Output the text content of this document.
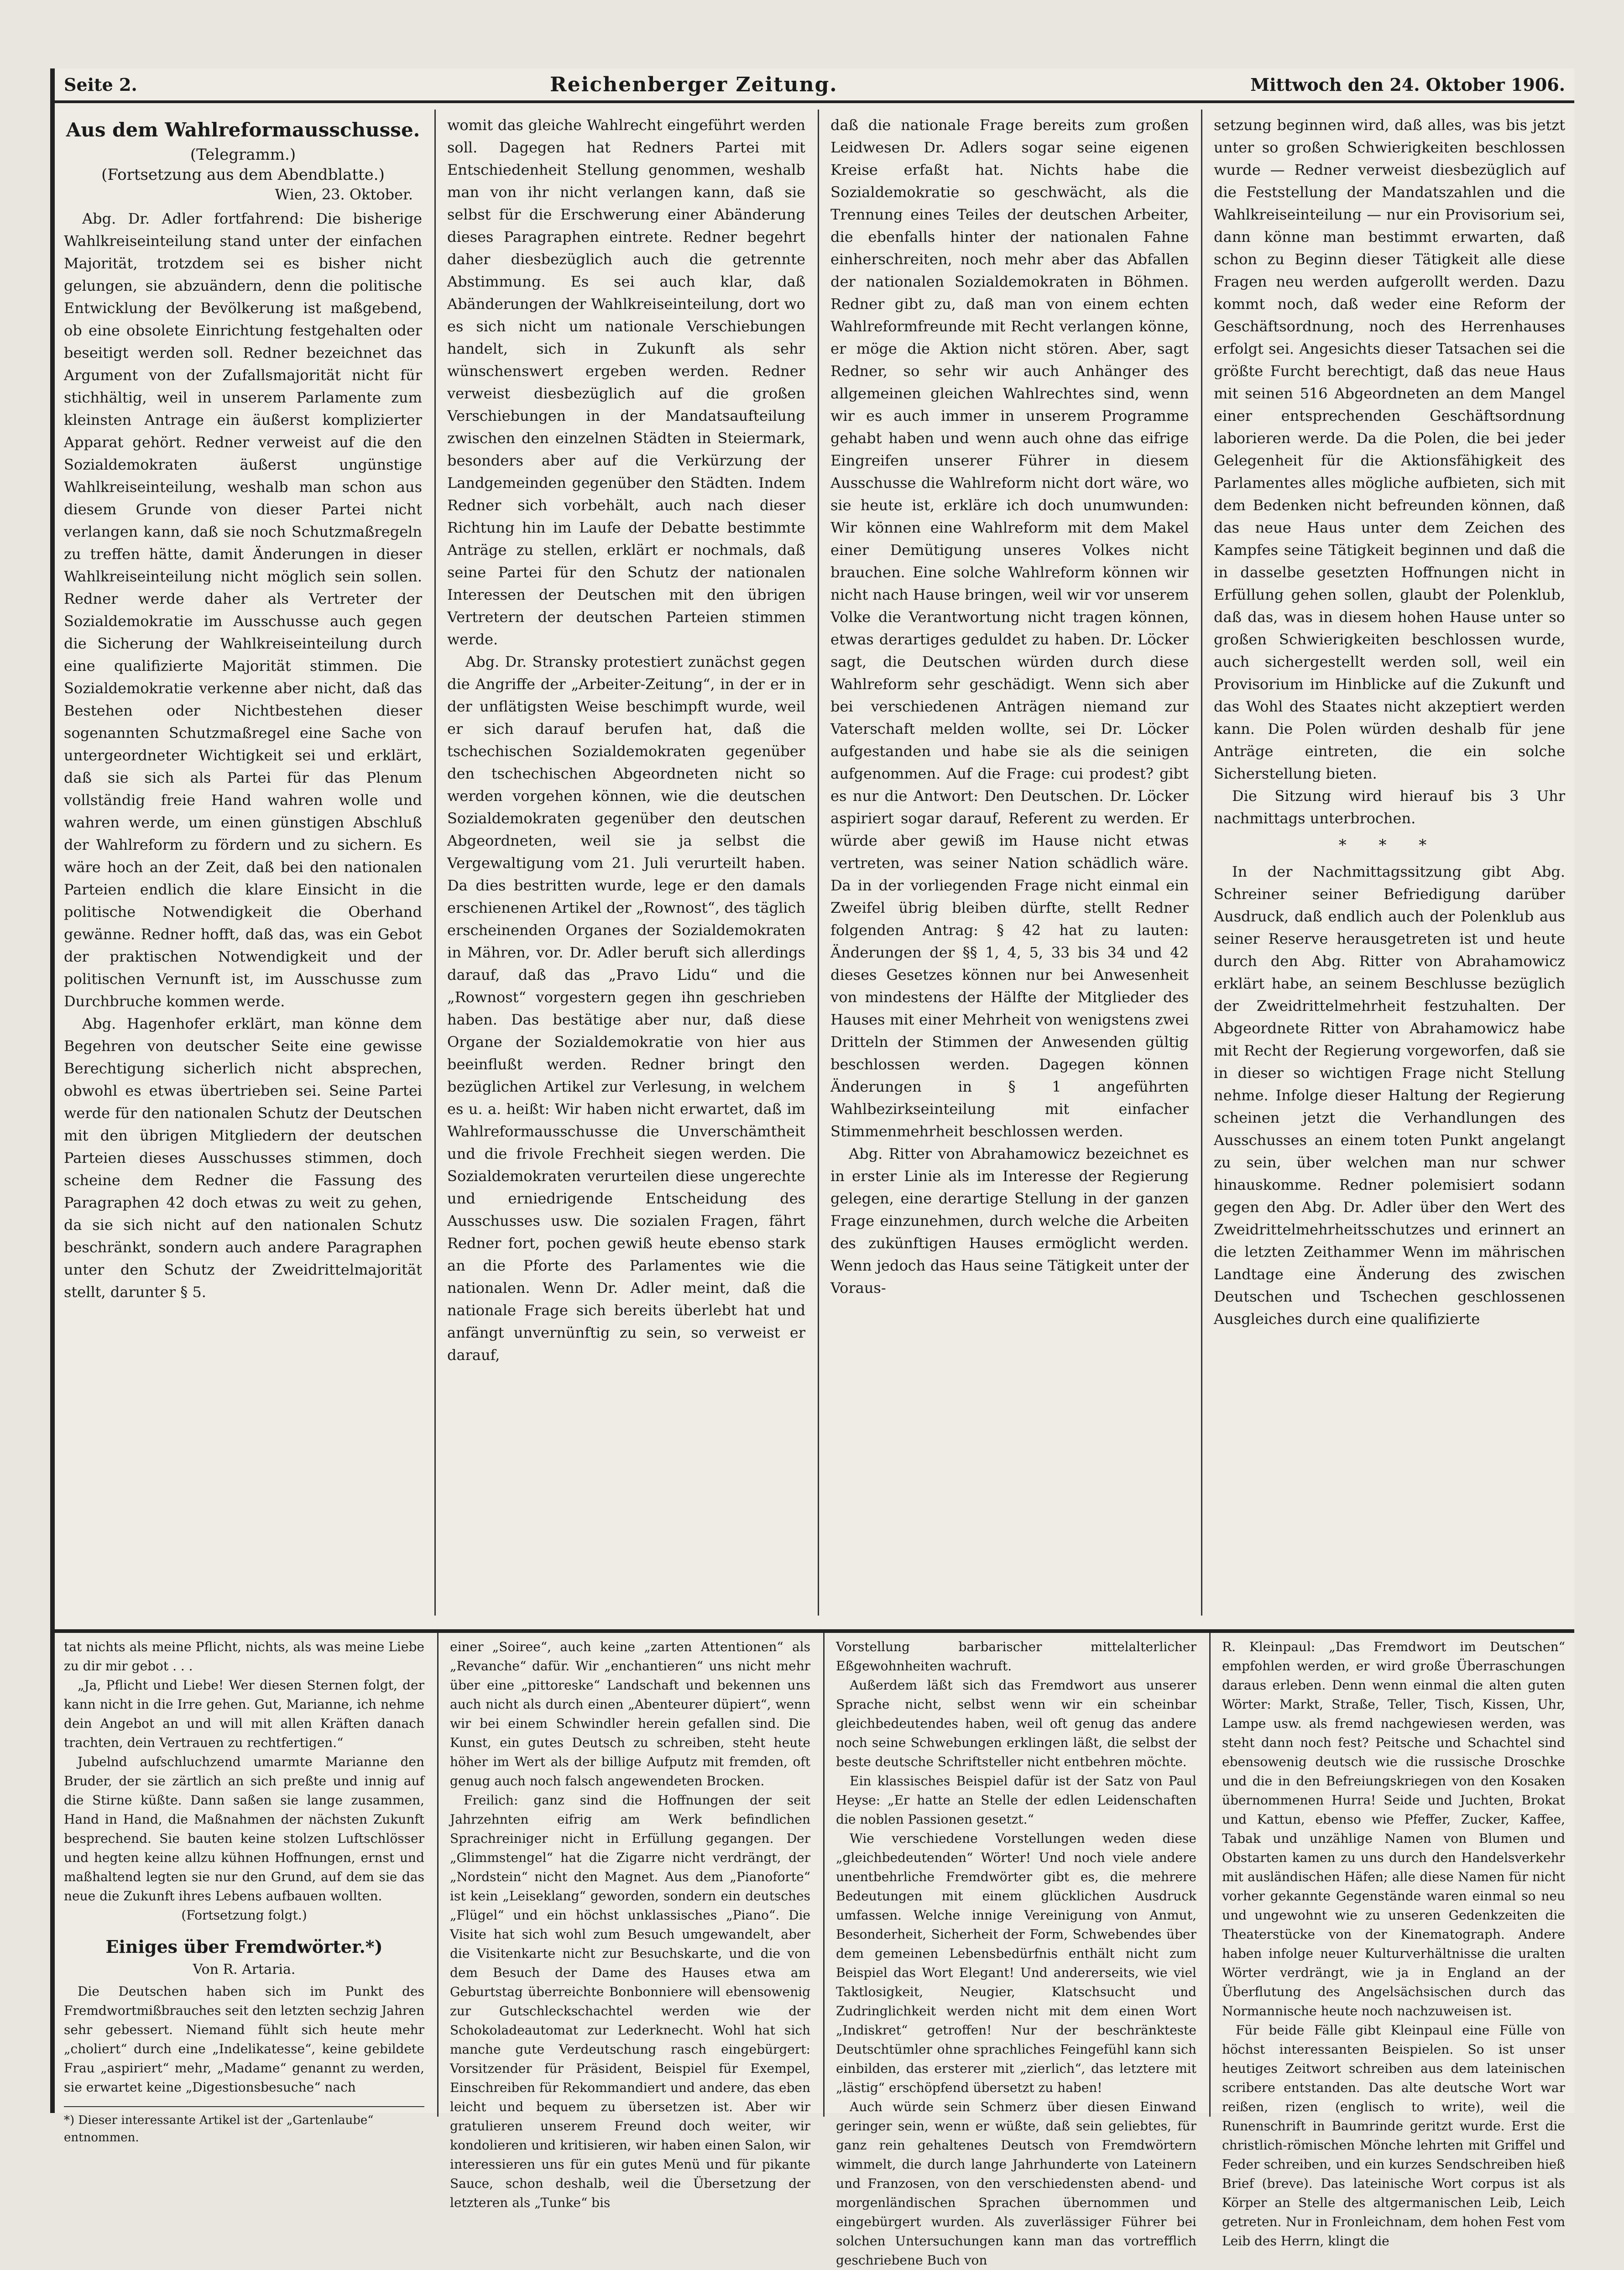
Seite 2.	Reichenberger Zeitung.	Mittwoch den 24. Oktober 1906.
Aus dem Wahlreformausschusse.
(Telegramm.)
(Fortsetzung aus dem Abendblatte.)
Wien, 23. Oktober.

Abg. Dr. Adler fortfahrend: Die bisherige Wahlkreiseinteilung stand unter der einfachen Majorität, trotzdem sei es bisher nicht gelungen, sie abzuändern, denn die politische Entwicklung der Bevölkerung ist maßgebend, ob eine obsolete Einrichtung festgehalten oder beseitigt werden soll. Redner bezeichnet das Argument von der Zufallsmajorität nicht für stichhältig, weil in unserem Parlamente zum kleinsten Antrage ein äußerst komplizierter Apparat gehört. Redner verweist auf die den Sozialdemokraten äußerst ungünstige Wahlkreiseinteilung, weshalb man schon aus diesem Grunde von dieser Partei nicht verlangen kann, daß sie noch Schutzmaßregeln zu treffen hätte, damit Änderungen in dieser Wahlkreiseinteilung nicht möglich sein sollen. Redner werde daher als Vertreter der Sozialdemokratie im Ausschusse auch gegen die Sicherung der Wahlkreiseinteilung durch eine qualifizierte Majorität stimmen. Die Sozialdemokratie verkenne aber nicht, daß das Bestehen oder Nichtbestehen dieser sogenannten Schutzmaßregel eine Sache von untergeordneter Wichtigkeit sei und erklärt, daß sie sich als Partei für das Plenum vollständig freie Hand wahren wolle und wahren werde, um einen günstigen Abschluß der Wahlreform zu fördern und zu sichern. Es wäre hoch an der Zeit, daß bei den nationalen Parteien endlich die klare Einsicht in die politische Notwendigkeit die Oberhand gewänne. Redner hofft, daß das, was ein Gebot der praktischen Notwendigkeit und der politischen Vernunft ist, im Ausschusse zum Durchbruche kommen werde.

Abg. Hagenhofer erklärt, man könne dem Begehren von deutscher Seite eine gewisse Berechtigung sicherlich nicht absprechen, obwohl es etwas übertrieben sei. Seine Partei werde für den nationalen Schutz der Deutschen mit den übrigen Mitgliedern der deutschen Parteien dieses Ausschusses stimmen, doch scheine dem Redner die Fassung des Paragraphen 42 doch etwas zu weit zu gehen, da sie sich nicht auf den nationalen Schutz beschränkt, sondern auch andere Paragraphen unter den Schutz der Zweidrittelmajorität stellt, darunter § 5.

womit das gleiche Wahlrecht eingeführt werden soll. Dagegen hat Redners Partei mit Entschiedenheit Stellung genommen, weshalb man von ihr nicht verlangen kann, daß sie selbst für die Erschwerung einer Abänderung dieses Paragraphen eintrete. Redner begehrt daher diesbezüglich auch die getrennte Abstimmung. Es sei auch klar, daß Abänderungen der Wahlkreiseinteilung, dort wo es sich nicht um nationale Verschiebungen handelt, sich in Zukunft als sehr wünschenswert ergeben werden. Redner verweist diesbezüglich auf die großen Verschiebungen in der Mandatsaufteilung zwischen den einzelnen Städten in Steiermark, besonders aber auf die Verkürzung der Landgemeinden gegenüber den Städten. Indem Redner sich vorbehält, auch nach dieser Richtung hin im Laufe der Debatte bestimmte Anträge zu stellen, erklärt er nochmals, daß seine Partei für den Schutz der nationalen Interessen der Deutschen mit den übrigen Vertretern der deutschen Parteien stimmen werde.

Abg. Dr. Stransky protestiert zunächst gegen die Angriffe der „Arbeiter-Zeitung“, in der er in der unflätigsten Weise beschimpft wurde, weil er sich darauf berufen hat, daß die tschechischen Sozialdemokraten gegenüber den tschechischen Abgeordneten nicht so werden vorgehen können, wie die deutschen Sozialdemokraten gegenüber den deutschen Abgeordneten, weil sie ja selbst die Vergewaltigung vom 21. Juli verurteilt haben. Da dies bestritten wurde, lege er den damals erschienenen Artikel der „Rownost“, des täglich erscheinenden Organes der Sozialdemokraten in Mähren, vor. Dr. Adler beruft sich allerdings darauf, daß das „Pravo Lidu“ und die „Rownost“ vorgestern gegen ihn geschrieben haben. Das bestätige aber nur, daß diese Organe der Sozialdemokratie von hier aus beeinflußt werden. Redner bringt den bezüglichen Artikel zur Verlesung, in welchem es u. a. heißt: Wir haben nicht erwartet, daß im Wahlreformausschusse die Unverschämtheit und die frivole Frechheit siegen werden. Die Sozialdemokraten verurteilen diese ungerechte und erniedrigende Entscheidung des Ausschusses usw. Die sozialen Fragen, fährt Redner fort, pochen gewiß heute ebenso stark an die Pforte des Parlamentes wie die nationalen. Wenn Dr. Adler meint, daß die nationale Frage sich bereits überlebt hat und anfängt unvernünftig zu sein, so verweist er darauf,

daß die nationale Frage bereits zum großen Leidwesen Dr. Adlers sogar seine eigenen Kreise erfaßt hat. Nichts habe die Sozialdemokratie so geschwächt, als die Trennung eines Teiles der deutschen Arbeiter, die ebenfalls hinter der nationalen Fahne einherschreiten, noch mehr aber das Abfallen der nationalen Sozialdemokraten in Böhmen. Redner gibt zu, daß man von einem echten Wahlreformfreunde mit Recht verlangen könne, er möge die Aktion nicht stören. Aber, sagt Redner, so sehr wir auch Anhänger des allgemeinen gleichen Wahlrechtes sind, wenn wir es auch immer in unserem Programme gehabt haben und wenn auch ohne das eifrige Eingreifen unserer Führer in diesem Ausschusse die Wahlreform nicht dort wäre, wo sie heute ist, erkläre ich doch unumwunden: Wir können eine Wahlreform mit dem Makel einer Demütigung unseres Volkes nicht brauchen. Eine solche Wahlreform können wir nicht nach Hause bringen, weil wir vor unserem Volke die Verantwortung nicht tragen können, etwas derartiges geduldet zu haben. Dr. Löcker sagt, die Deutschen würden durch diese Wahlreform sehr geschädigt. Wenn sich aber bei verschiedenen Anträgen niemand zur Vaterschaft melden wollte, sei Dr. Löcker aufgestanden und habe sie als die seinigen aufgenommen. Auf die Frage: cui prodest? gibt es nur die Antwort: Den Deutschen. Dr. Löcker aspiriert sogar darauf, Referent zu werden. Er würde aber gewiß im Hause nicht etwas vertreten, was seiner Nation schädlich wäre. Da in der vorliegenden Frage nicht einmal ein Zweifel übrig bleiben dürfte, stellt Redner folgenden Antrag: § 42 hat zu lauten: Änderungen der §§ 1, 4, 5, 33 bis 34 und 42 dieses Gesetzes können nur bei Anwesenheit von mindestens der Hälfte der Mitglieder des Hauses mit einer Mehrheit von wenigstens zwei Dritteln der Stimmen der Anwesenden gültig beschlossen werden. Dagegen können Änderungen in § 1 angeführten Wahlbezirkseinteilung mit einfacher Stimmenmehrheit beschlossen werden.

Abg. Ritter von Abrahamowicz bezeichnet es in erster Linie als im Interesse der Regierung gelegen, eine derartige Stellung in der ganzen Frage einzunehmen, durch welche die Arbeiten des zukünftigen Hauses ermöglicht werden. Wenn jedoch das Haus seine Tätigkeit unter der Voraus-

setzung beginnen wird, daß alles, was bis jetzt unter so großen Schwierigkeiten beschlossen wurde — Redner verweist diesbezüglich auf die Feststellung der Mandatszahlen und die Wahlkreiseinteilung — nur ein Provisorium sei, dann könne man bestimmt erwarten, daß schon zu Beginn dieser Tätigkeit alle diese Fragen neu werden aufgerollt werden. Dazu kommt noch, daß weder eine Reform der Geschäftsordnung, noch des Herrenhauses erfolgt sei. Angesichts dieser Tatsachen sei die größte Furcht berechtigt, daß das neue Haus mit seinen 516 Abgeordneten an dem Mangel einer entsprechenden Geschäftsordnung laborieren werde. Da die Polen, die bei jeder Gelegenheit für die Aktionsfähigkeit des Parlamentes alles mögliche aufbieten, sich mit dem Bedenken nicht befreunden können, daß das neue Haus unter dem Zeichen des Kampfes seine Tätigkeit beginnen und daß die in dasselbe gesetzten Hoffnungen nicht in Erfüllung gehen sollen, glaubt der Polenklub, daß das, was in diesem hohen Hause unter so großen Schwierigkeiten beschlossen wurde, auch sichergestellt werden soll, weil ein Provisorium im Hinblicke auf die Zukunft und das Wohl des Staates nicht akzeptiert werden kann. Die Polen würden deshalb für jene Anträge eintreten, die ein solche Sicherstellung bieten.

Die Sitzung wird hierauf bis 3 Uhr nachmittags unterbrochen.

* * *

In der Nachmittagssitzung gibt Abg. Schreiner seiner Befriedigung darüber Ausdruck, daß endlich auch der Polenklub aus seiner Reserve herausgetreten ist und heute durch den Abg. Ritter von Abrahamowicz erklärt habe, an seinem Beschlusse bezüglich der Zweidrittelmehrheit festzuhalten. Der Abgeordnete Ritter von Abrahamowicz habe mit Recht der Regierung vorgeworfen, daß sie in dieser so wichtigen Frage nicht Stellung nehme. Infolge dieser Haltung der Regierung scheinen jetzt die Verhandlungen des Ausschusses an einem toten Punkt angelangt zu sein, über welchen man nur schwer hinauskomme. Redner polemisiert sodann gegen den Abg. Dr. Adler über den Wert des Zweidrittelmehrheitsschutzes und erinnert an die letzten Zeithammer Wenn im mährischen Landtage eine Änderung des zwischen Deutschen und Tschechen geschlossenen Ausgleiches durch eine qualifizierte

tat nichts als meine Pflicht, nichts, als was meine Liebe zu dir mir gebot . . .

„Ja, Pflicht und Liebe! Wer diesen Sternen folgt, der kann nicht in die Irre gehen. Gut, Marianne, ich nehme dein Angebot an und will mit allen Kräften danach trachten, dein Vertrauen zu rechtfertigen.“

Jubelnd aufschluchzend umarmte Marianne den Bruder, der sie zärtlich an sich preßte und innig auf die Stirne küßte. Dann saßen sie lange zusammen, Hand in Hand, die Maßnahmen der nächsten Zukunft besprechend. Sie bauten keine stolzen Luftschlösser und hegten keine allzu kühnen Hoffnungen, ernst und maßhaltend legten sie nur den Grund, auf dem sie das neue die Zukunft ihres Lebens aufbauen wollten.

(Fortsetzung folgt.)
Einiges über Fremdwörter.*)
Von R. Artaria.

Die Deutschen haben sich im Punkt des Fremdwortmißbrauches seit den letzten sechzig Jahren sehr gebessert. Niemand fühlt sich heute mehr „choliert“ durch eine „Indelikatesse“, keine gebildete Frau „aspiriert“ mehr, „Madame“ genannt zu werden, sie erwartet keine „Digestionsbesuche“ nach

*) Dieser interessante Artikel ist der „Gartenlaube“ entnommen.

einer „Soiree“, auch keine „zarten Attentionen“ als „Revanche“ dafür. Wir „enchantieren“ uns nicht mehr über eine „pittoreske“ Landschaft und bekennen uns auch nicht als durch einen „Abenteurer düpiert“, wenn wir bei einem Schwindler herein gefallen sind. Die Kunst, ein gutes Deutsch zu schreiben, steht heute höher im Wert als der billige Aufputz mit fremden, oft genug auch noch falsch angewendeten Brocken.

Freilich: ganz sind die Hoffnungen der seit Jahrzehnten eifrig am Werk befindlichen Sprachreiniger nicht in Erfüllung gegangen. Der „Glimmstengel“ hat die Zigarre nicht verdrängt, der „Nordstein“ nicht den Magnet. Aus dem „Pianoforte“ ist kein „Leiseklang“ geworden, sondern ein deutsches „Flügel“ und ein höchst unklassisches „Piano“. Die Visite hat sich wohl zum Besuch umgewandelt, aber die Visitenkarte nicht zur Besuchskarte, und die von dem Besuch der Dame des Hauses etwa am Geburtstag überreichte Bonbonniere will ebensowenig zur Gutschleckschachtel werden wie der Schokoladeautomat zur Lederknecht. Wohl hat sich manche gute Verdeutschung rasch eingebürgert: Vorsitzender für Präsident, Beispiel für Exempel, Einschreiben für Rekommandiert und andere, das eben leicht und bequem zu übersetzen ist. Aber wir gratulieren unserem Freund doch weiter, wir kondolieren und kritisieren, wir haben einen Salon, wir interessieren uns für ein gutes Menü und für pikante Sauce, schon deshalb, weil die Übersetzung der letzteren als „Tunke“ bis

Vorstellung barbarischer mittelalterlicher Eßgewohnheiten wachruft.

Außerdem läßt sich das Fremdwort aus unserer Sprache nicht, selbst wenn wir ein scheinbar gleichbedeutendes haben, weil oft genug das andere noch seine Schwebungen erklingen läßt, die selbst der beste deutsche Schriftsteller nicht entbehren möchte.

Ein klassisches Beispiel dafür ist der Satz von Paul Heyse: „Er hatte an Stelle der edlen Leidenschaften die noblen Passionen gesetzt.“

Wie verschiedene Vorstellungen weden diese „gleichbedeutenden“ Wörter! Und noch viele andere unentbehrliche Fremdwörter gibt es, die mehrere Bedeutungen mit einem glücklichen Ausdruck umfassen. Welche innige Vereinigung von Anmut, Besonderheit, Sicherheit der Form, Schwebendes über dem gemeinen Lebensbedürfnis enthält nicht zum Beispiel das Wort Elegant! Und andererseits, wie viel Taktlosigkeit, Neugier, Klatschsucht und Zudringlichkeit werden nicht mit dem einen Wort „Indiskret“ getroffen! Nur der beschränkteste Deutschtümler ohne sprachliches Feingefühl kann sich einbilden, das ersterer mit „zierlich“, das letztere mit „lästig“ erschöpfend übersetzt zu haben!

Auch würde sein Schmerz über diesen Einwand geringer sein, wenn er wüßte, daß sein geliebtes, für ganz rein gehaltenes Deutsch von Fremdwörtern wimmelt, die durch lange Jahrhunderte von Lateinern und Franzosen, von den verschiedensten abend- und morgenländischen Sprachen übernommen und eingebürgert wurden. Als zuverlässiger Führer bei solchen Untersuchungen kann man das vortrefflich geschriebene Buch von

R. Kleinpaul: „Das Fremdwort im Deutschen“ empfohlen werden, er wird große Überraschungen daraus erleben. Denn wenn einmal die alten guten Wörter: Markt, Straße, Teller, Tisch, Kissen, Uhr, Lampe usw. als fremd nachgewiesen werden, was steht dann noch fest? Peitsche und Schachtel sind ebensowenig deutsch wie die russische Droschke und die in den Befreiungskriegen von den Kosaken übernommenen Hurra! Seide und Juchten, Brokat und Kattun, ebenso wie Pfeffer, Zucker, Kaffee, Tabak und unzählige Namen von Blumen und Obstarten kamen zu uns durch den Handelsverkehr mit ausländischen Häfen; alle diese Namen für nicht vorher gekannte Gegenstände waren einmal so neu und ungewohnt wie zu unseren Gedenkzeiten die Theaterstücke von der Kinematograph. Andere haben infolge neuer Kulturverhältnisse die uralten Wörter verdrängt, wie ja in England an der Überflutung des Angelsächsischen durch das Normannische heute noch nachzuweisen ist.

Für beide Fälle gibt Kleinpaul eine Fülle von höchst interessanten Beispielen. So ist unser heutiges Zeitwort schreiben aus dem lateinischen scribere entstanden. Das alte deutsche Wort war reißen, rizen (englisch to write), weil die Runenschrift in Baumrinde geritzt wurde. Erst die christlich-römischen Mönche lehrten mit Griffel und Feder schreiben, und ein kurzes Sendschreiben hieß Brief (breve). Das lateinische Wort corpus ist als Körper an Stelle des altgermanischen Leib, Leich getreten. Nur in Fronleichnam, dem hohen Fest vom Leib des Herrn, klingt die
